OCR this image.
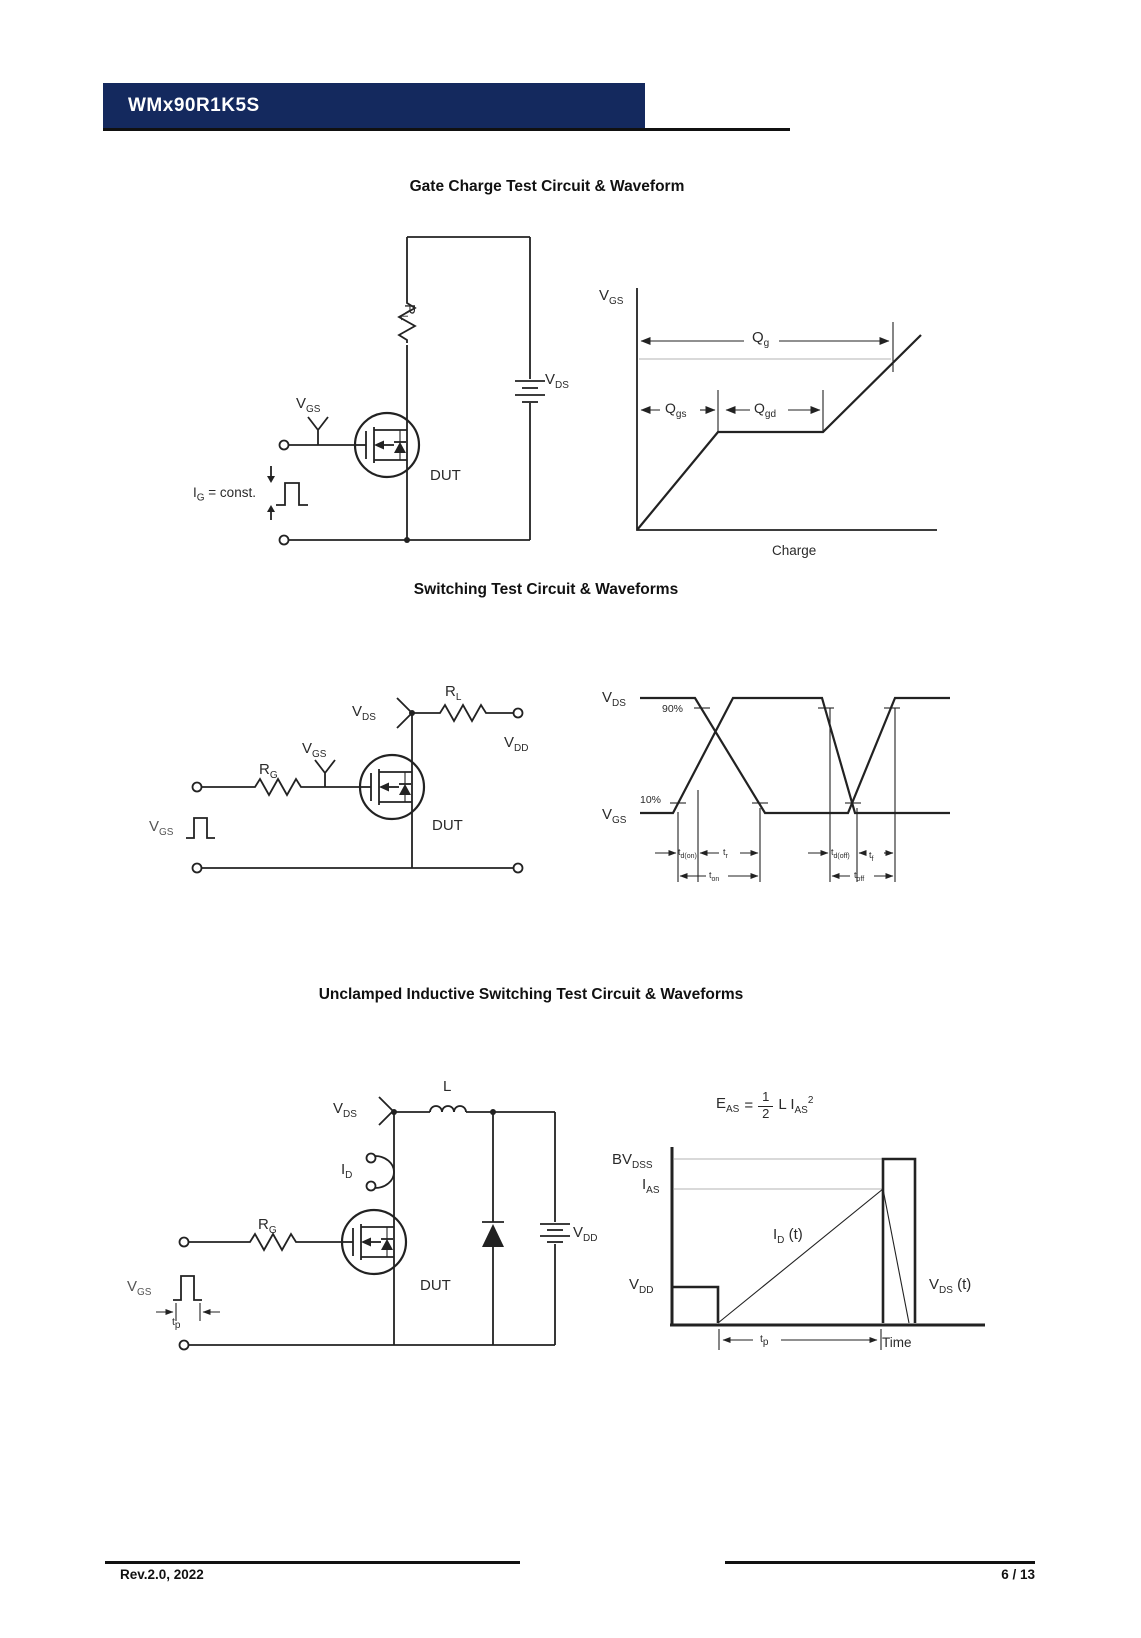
WMx90R1K5S
Gate Charge Test Circuit & Waveform
Switching Test Circuit & Waveforms
Unclamped Inductive Switching Test Circuit & Waveforms
$R_L$
$V_{DS}$
$V_{GS}$
$I_G$ = const.
DUT
$V_{GS}$
$Q_g$
$Q_{gs}$	$Q_{gd}$
Charge
$V_{GS}$
$R_G$
$V_{GS}$
$V_{DS}$
$R_L$
$V_{DD}$
DUT
$V_{DS}$	90%
10%
$V_{GS}$
$t_{d(on)}$	$t_r$
$t_{on}$
$t_{d(off)}$ $t_f$
$t_{off}$
$V_{DS}$
L
$I_D$
$R_G$
$V_{GS}$
$t_p$
DUT
$V_{DD}$
$E_{AS} = \frac{1}{2}$ L $I_{AS}^2$
$BV_{DSS}$
$I_{AS}$
$I_D$ (t)
$V_{DD}$	$V_{DS}$ (t)
$t_p$	Time
Rev.2.0, 2022	6 / 13
